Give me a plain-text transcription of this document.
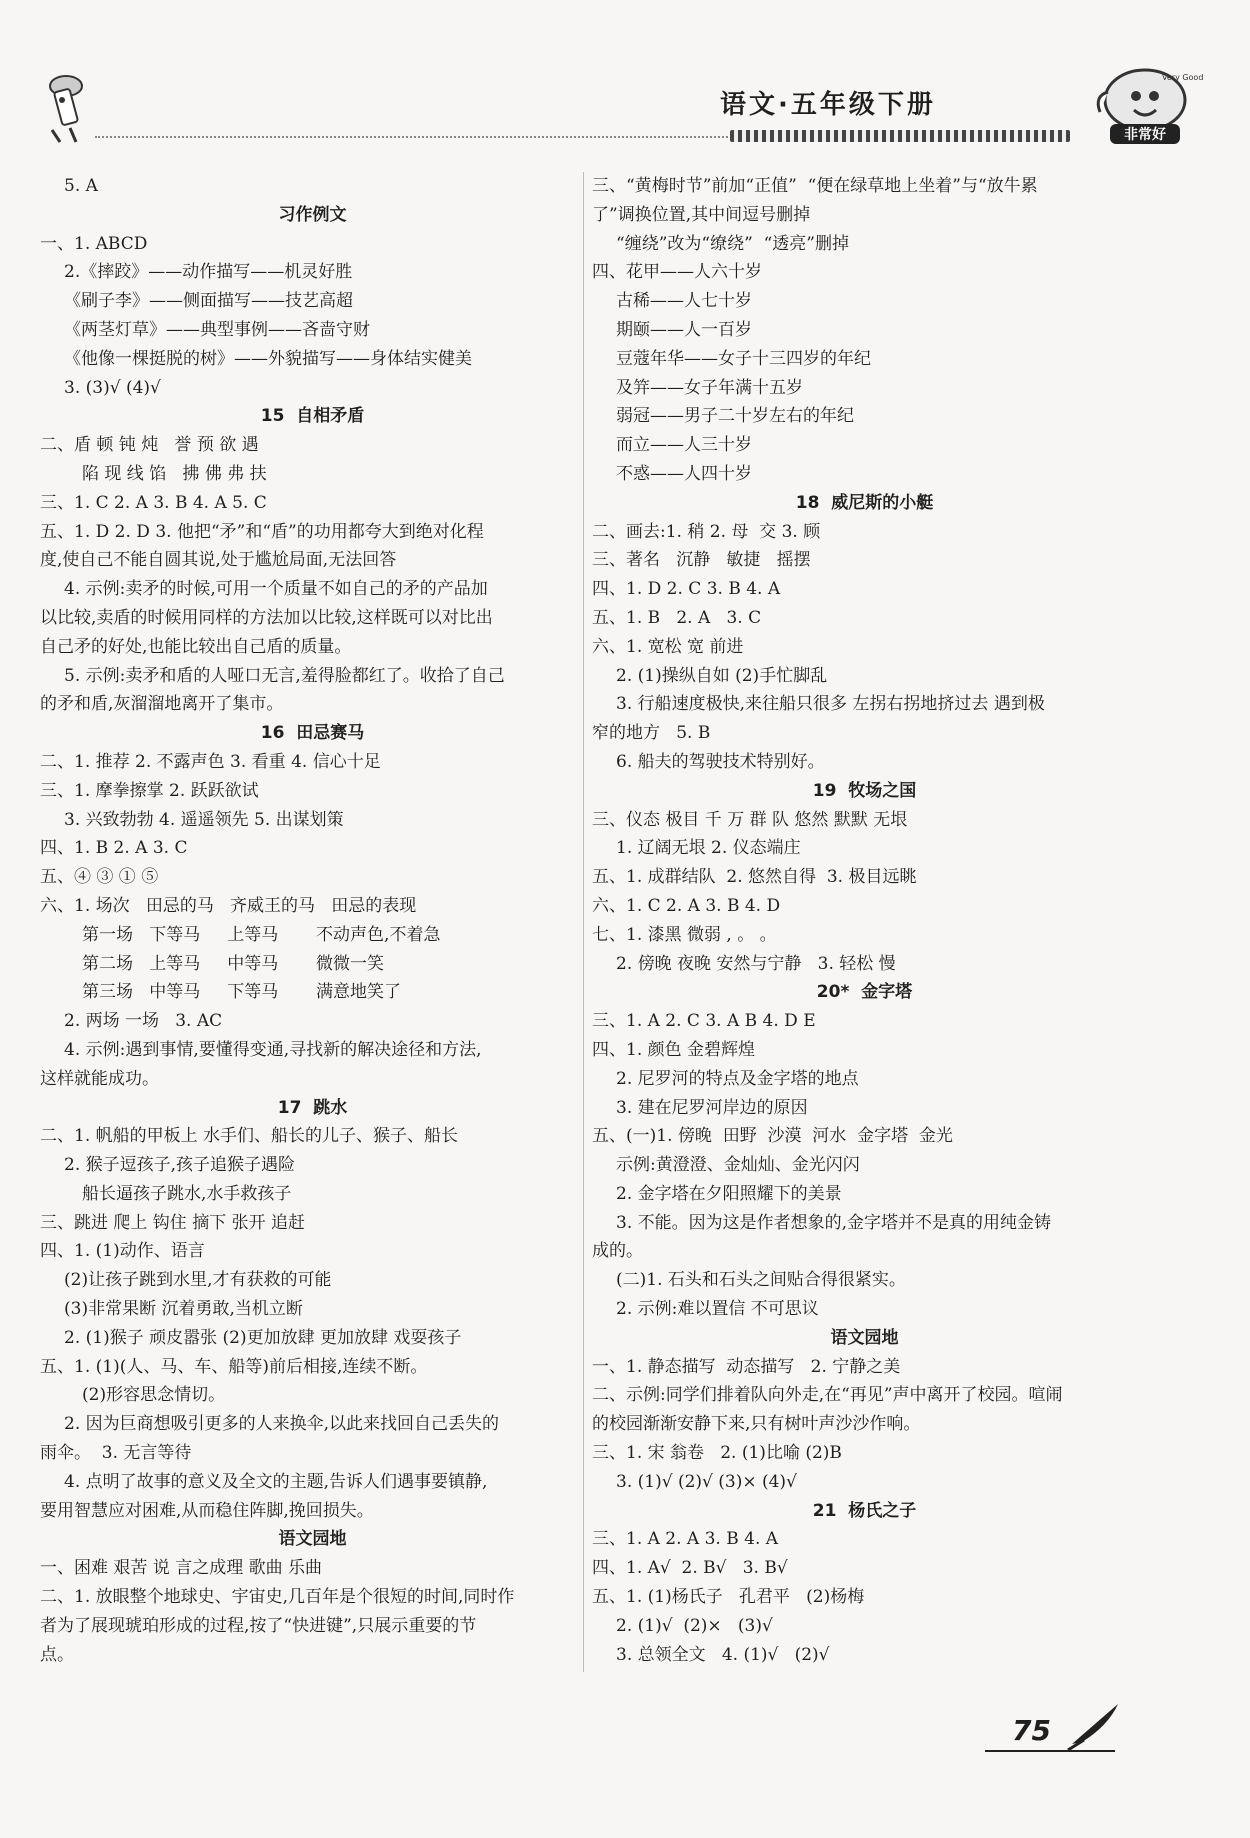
语文·五年级下册
Very Good
非常好
5. A
习作例文
一、1. ABCD
2.《摔跤》——动作描写——机灵好胜
《刷子李》——侧面描写——技艺高超
《两茎灯草》——典型事例——吝啬守财
《他像一棵挺脱的树》——外貌描写——身体结实健美
3. (3)√ (4)√
15  自相矛盾
二、盾 顿 钝 炖   誉 预 欲 遇
陷 现 线 馅   拂 佛 弗 扶
三、1. C 2. A 3. B 4. A 5. C
五、1. D 2. D 3. 他把“矛”和“盾”的功用都夸大到绝对化程
度,使自己不能自圆其说,处于尴尬局面,无法回答
4. 示例:卖矛的时候,可用一个质量不如自己的矛的产品加
以比较,卖盾的时候用同样的方法加以比较,这样既可以对比出
自己矛的好处,也能比较出自己盾的质量。
5. 示例:卖矛和盾的人哑口无言,羞得脸都红了。收拾了自己
的矛和盾,灰溜溜地离开了集市。
16  田忌赛马
二、1. 推荐 2. 不露声色 3. 看重 4. 信心十足
三、1. 摩拳擦掌 2. 跃跃欲试
3. 兴致勃勃 4. 遥遥领先 5. 出谋划策
四、1. B 2. A 3. C
五、④ ③ ① ⑤
六、1. 场次   田忌的马   齐威王的马   田忌的表现
第一场   下等马     上等马       不动声色,不着急
第二场   上等马     中等马       微微一笑
第三场   中等马     下等马       满意地笑了
2. 两场 一场   3. AC
4. 示例:遇到事情,要懂得变通,寻找新的解决途径和方法,
这样就能成功。
17  跳水
二、1. 帆船的甲板上 水手们、船长的儿子、猴子、船长
2. 猴子逗孩子,孩子追猴子遇险
船长逼孩子跳水,水手救孩子
三、跳进 爬上 钩住 摘下 张开 追赶
四、1. (1)动作、语言
(2)让孩子跳到水里,才有获救的可能
(3)非常果断 沉着勇敢,当机立断
2. (1)猴子 顽皮嚣张 (2)更加放肆 更加放肆 戏耍孩子
五、1. (1)(人、马、车、船等)前后相接,连续不断。
(2)形容思念情切。
2. 因为巨商想吸引更多的人来换伞,以此来找回自己丢失的
雨伞。  3. 无言等待
4. 点明了故事的意义及全文的主题,告诉人们遇事要镇静,
要用智慧应对困难,从而稳住阵脚,挽回损失。
语文园地
一、困难 艰苦 说 言之成理 歌曲 乐曲
二、1. 放眼整个地球史、宇宙史,几百年是个很短的时间,同时作
者为了展现琥珀形成的过程,按了“快进键”,只展示重要的节
点。
三、“黄梅时节”前加“正值”  “便在绿草地上坐着”与“放牛累
了”调换位置,其中间逗号删掉
“缠绕”改为“缭绕”  “透亮”删掉
四、花甲——人六十岁
古稀——人七十岁
期颐——人一百岁
豆蔻年华——女子十三四岁的年纪
及笄——女子年满十五岁
弱冠——男子二十岁左右的年纪
而立——人三十岁
不惑——人四十岁
18  威尼斯的小艇
二、画去:1. 稍 2. 母  交 3. 顾
三、著名   沉静   敏捷   摇摆
四、1. D 2. C 3. B 4. A
五、1. B   2. A   3. C
六、1. 宽松 宽 前进
2. (1)操纵自如 (2)手忙脚乱
3. 行船速度极快,来往船只很多 左拐右拐地挤过去 遇到极
窄的地方   5. B
6. 船夫的驾驶技术特别好。
19  牧场之国
三、仪态 极目 千 万 群 队 悠然 默默 无垠
1. 辽阔无垠 2. 仪态端庄
五、1. 成群结队  2. 悠然自得  3. 极目远眺
六、1. C 2. A 3. B 4. D
七、1. 漆黑 微弱 , 。 。
2. 傍晚 夜晚 安然与宁静   3. 轻松 慢
20*  金字塔
三、1. A 2. C 3. A B 4. D E
四、1. 颜色 金碧辉煌
2. 尼罗河的特点及金字塔的地点
3. 建在尼罗河岸边的原因
五、(一)1. 傍晚  田野  沙漠  河水  金字塔  金光
示例:黄澄澄、金灿灿、金光闪闪
2. 金字塔在夕阳照耀下的美景
3. 不能。因为这是作者想象的,金字塔并不是真的用纯金铸
成的。
(二)1. 石头和石头之间贴合得很紧实。
2. 示例:难以置信 不可思议
语文园地
一、1. 静态描写  动态描写   2. 宁静之美
二、示例:同学们排着队向外走,在“再见”声中离开了校园。喧闹
的校园渐渐安静下来,只有树叶声沙沙作响。
三、1. 宋 翁卷   2. (1)比喻 (2)B
3. (1)√ (2)√ (3)× (4)√
21  杨氏之子
三、1. A 2. A 3. B 4. A
四、1. A√  2. B√   3. B√
五、1. (1)杨氏子   孔君平   (2)杨梅
2. (1)√  (2)×   (3)√
3. 总领全文   4. (1)√   (2)√
75
